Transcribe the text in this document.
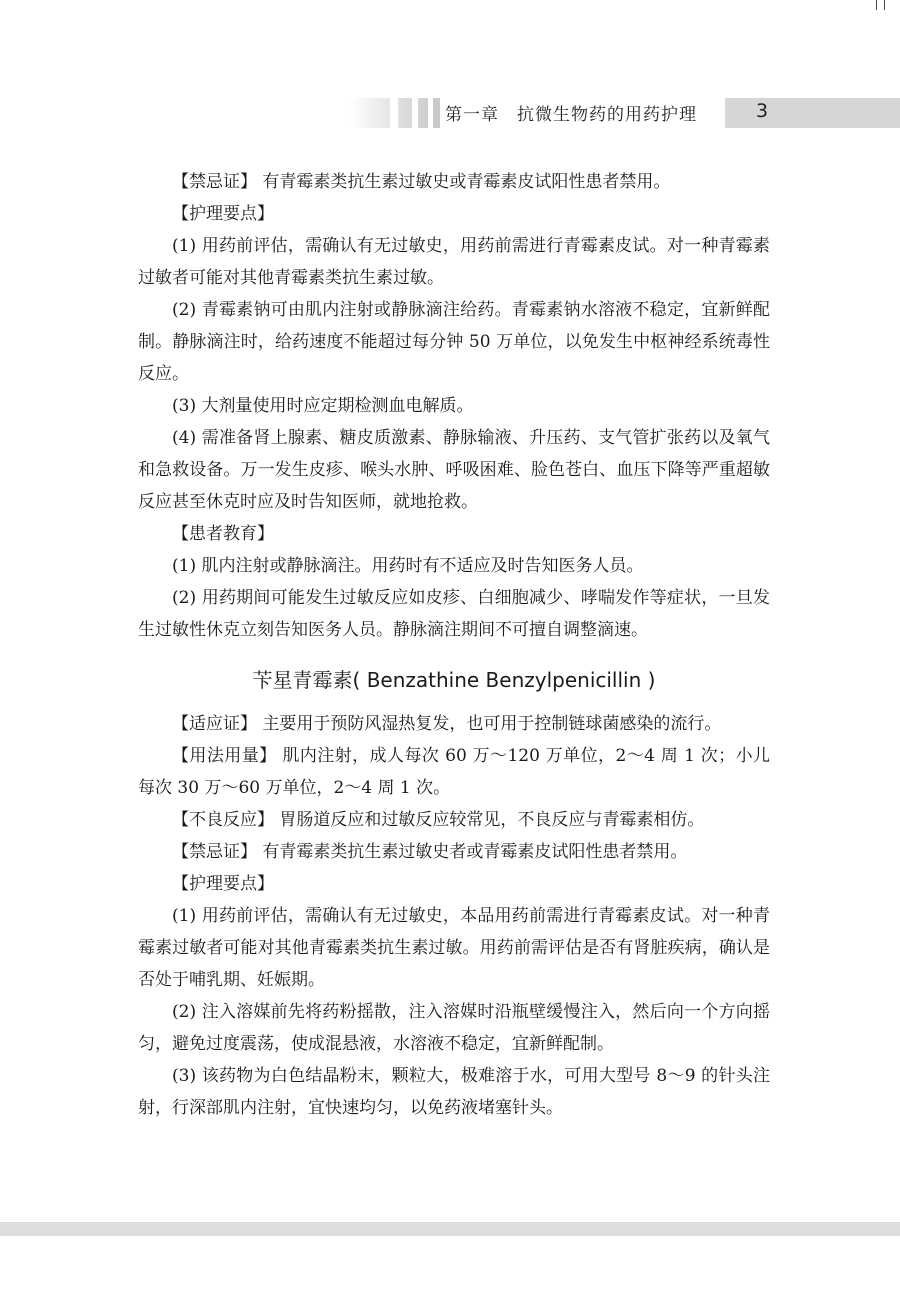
第一章　抗微生物药的用药护理	3

【禁忌证】 有青霉素类抗生素过敏史或青霉素皮试阳性患者禁用。

【护理要点】

(1) 用药前评估，需确认有无过敏史，用药前需进行青霉素皮试。对一种青霉素过敏者可能对其他青霉素类抗生素过敏。

(2) 青霉素钠可由肌内注射或静脉滴注给药。青霉素钠水溶液不稳定，宜新鲜配制。静脉滴注时，给药速度不能超过每分钟 50 万单位，以免发生中枢神经系统毒性反应。

(3) 大剂量使用时应定期检测血电解质。

(4) 需准备肾上腺素、糖皮质激素、静脉输液、升压药、支气管扩张药以及氧气和急救设备。万一发生皮疹、喉头水肿、呼吸困难、脸色苍白、血压下降等严重超敏反应甚至休克时应及时告知医师，就地抢救。

【患者教育】

(1) 肌内注射或静脉滴注。用药时有不适应及时告知医务人员。

(2) 用药期间可能发生过敏反应如皮疹、白细胞减少、哮喘发作等症状，一旦发生过敏性休克立刻告知医务人员。静脉滴注期间不可擅自调整滴速。

苄星青霉素( Benzathine Benzylpenicillin )

【适应证】 主要用于预防风湿热复发，也可用于控制链球菌感染的流行。

【用法用量】 肌内注射，成人每次 60 万～120 万单位，2～4 周 1 次；小儿每次 30 万～60 万单位，2～4 周 1 次。

【不良反应】 胃肠道反应和过敏反应较常见，不良反应与青霉素相仿。

【禁忌证】 有青霉素类抗生素过敏史者或青霉素皮试阳性患者禁用。

【护理要点】

(1) 用药前评估，需确认有无过敏史，本品用药前需进行青霉素皮试。对一种青霉素过敏者可能对其他青霉素类抗生素过敏。用药前需评估是否有肾脏疾病，确认是否处于哺乳期、妊娠期。

(2) 注入溶媒前先将药粉摇散，注入溶媒时沿瓶壁缓慢注入，然后向一个方向摇匀，避免过度震荡，使成混悬液，水溶液不稳定，宜新鲜配制。

(3) 该药物为白色结晶粉末，颗粒大，极难溶于水，可用大型号 8～9 的针头注射，行深部肌内注射，宜快速均匀，以免药液堵塞针头。
